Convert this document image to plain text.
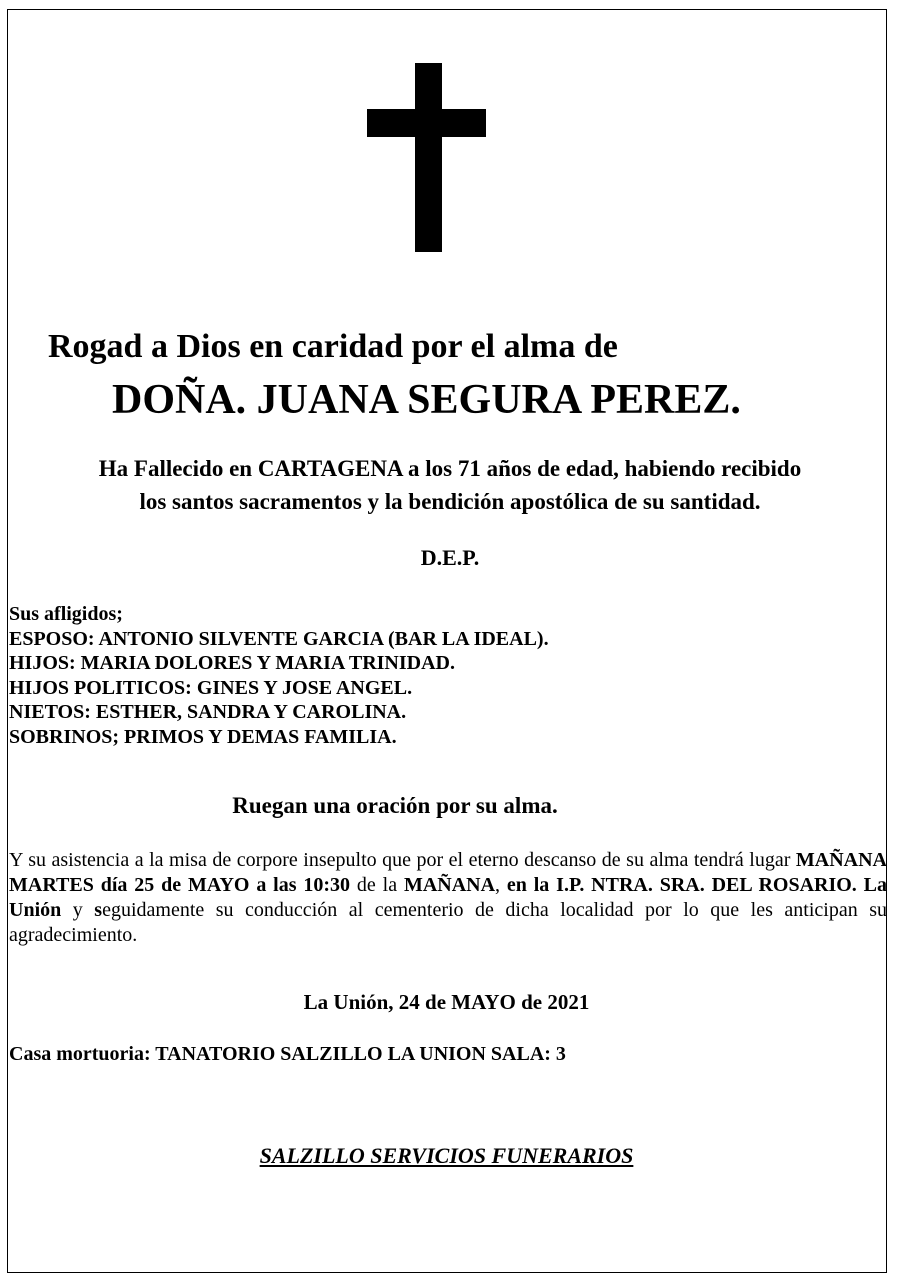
Rogad a Dios en caridad por el alma de
DOÑA. JUANA SEGURA PEREZ.
Ha Fallecido en CARTAGENA a los 71 años de edad, habiendo recibido
los santos sacramentos y la bendición apostólica de su santidad.
D.E.P.
Sus afligidos;
ESPOSO: ANTONIO SILVENTE GARCIA (BAR LA IDEAL).
HIJOS: MARIA DOLORES Y MARIA TRINIDAD.
HIJOS POLITICOS: GINES Y JOSE ANGEL.
NIETOS: ESTHER, SANDRA Y CAROLINA.
SOBRINOS; PRIMOS Y DEMAS FAMILIA.
Ruegan una oración por su alma.
Y su asistencia a la misa de corpore insepulto que por el eterno descanso de su alma tendrá lugar MAÑANA MARTES día 25 de MAYO a las 10:30 de la MAÑANA, en la I.P. NTRA. SRA. DEL ROSARIO. La Unión y seguidamente su conducción al cementerio de dicha localidad por lo que les anticipan su agradecimiento.
La Unión, 24 de MAYO de 2021
Casa mortuoria: TANATORIO SALZILLO LA UNION SALA: 3
SALZILLO SERVICIOS FUNERARIOS
